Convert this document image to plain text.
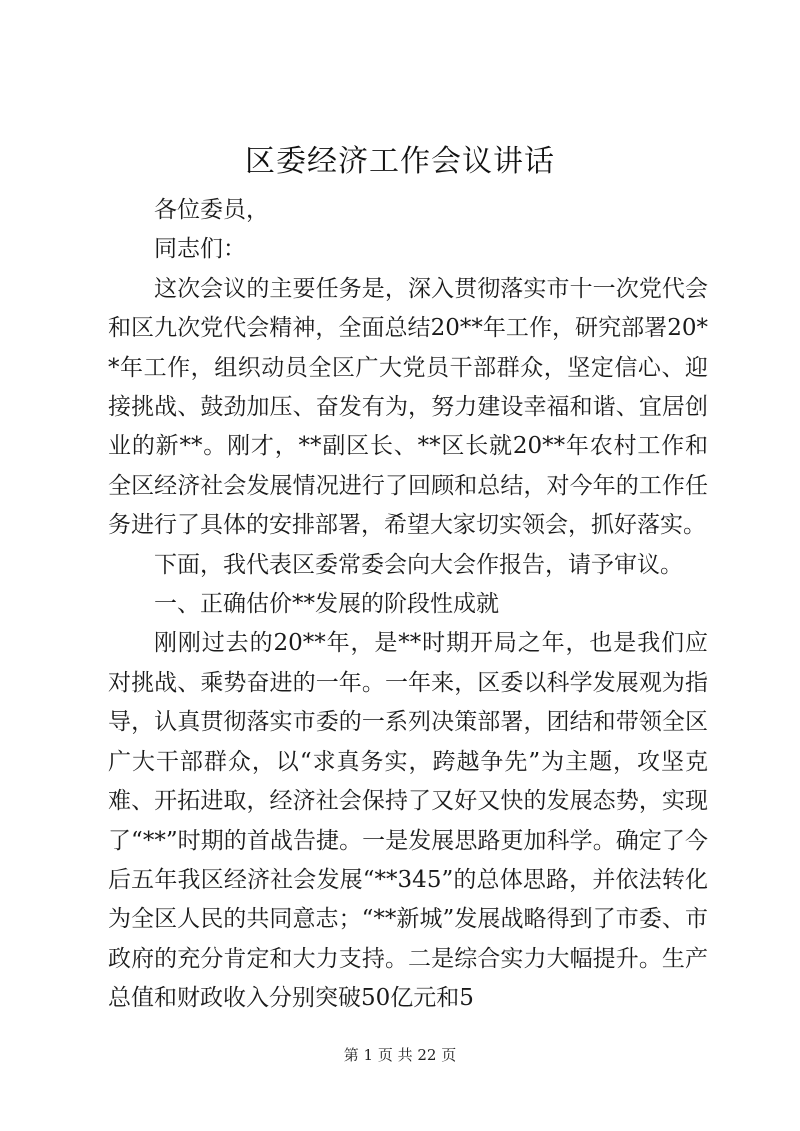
区委经济工作会议讲话

各位委员，

同志们：

这次会议的主要任务是，深入贯彻落实市十一次党代会和区九次党代会精神，全面总结20**年工作，研究部署20**年工作，组织动员全区广大党员干部群众，坚定信心、迎接挑战、鼓劲加压、奋发有为，努力建设幸福和谐、宜居创业的新**。刚才，**副区长、**区长就20**年农村工作和全区经济社会发展情况进行了回顾和总结，对今年的工作任务进行了具体的安排部署，希望大家切实领会，抓好落实。

下面，我代表区委常委会向大会作报告，请予审议。

一、正确估价**发展的阶段性成就

刚刚过去的20**年，是**时期开局之年，也是我们应对挑战、乘势奋进的一年。一年来，区委以科学发展观为指导，认真贯彻落实市委的一系列决策部署，团结和带领全区广大干部群众，以“求真务实，跨越争先”为主题，攻坚克难、开拓进取，经济社会保持了又好又快的发展态势，实现了“**”时期的首战告捷。一是发展思路更加科学。确定了今后五年我区经济社会发展“**345”的总体思路，并依法转化为全区人民的共同意志；“**新城”发展战略得到了市委、市政府的充分肯定和大力支持。二是综合实力大幅提升。生产总值和财政收入分别突破50亿元和5

第 1 页 共 22 页
